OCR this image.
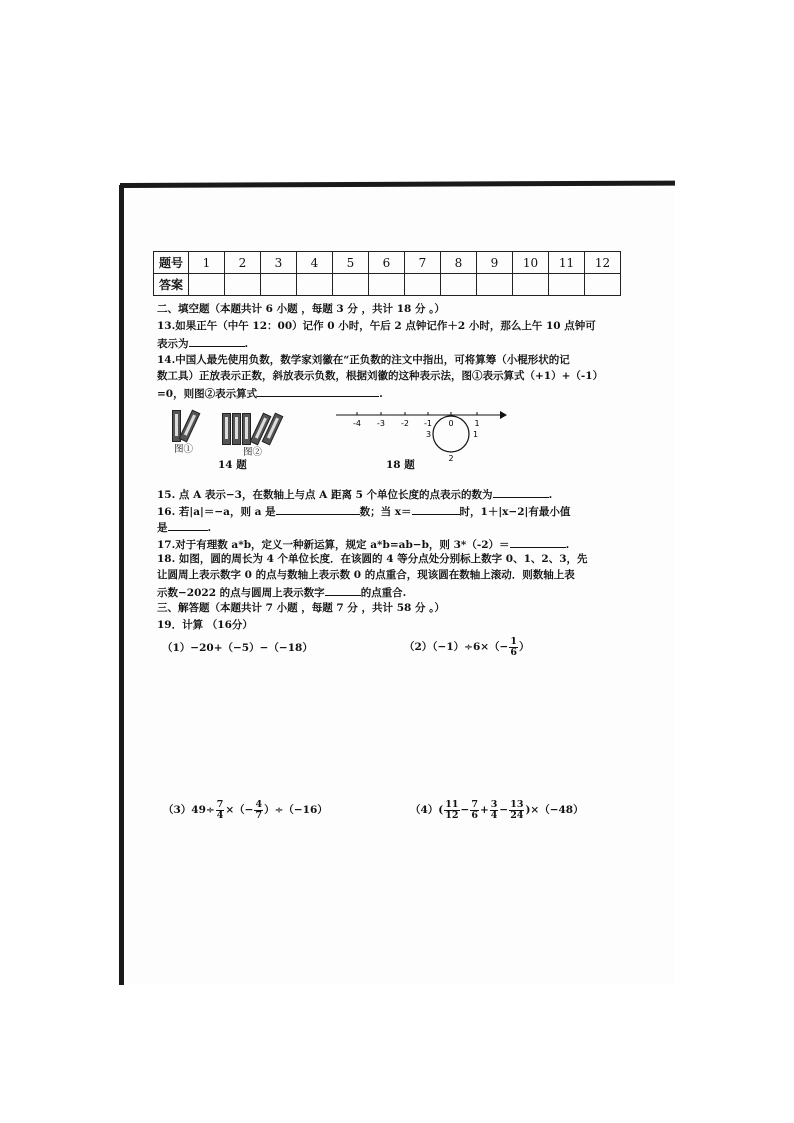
题号	1	2	3	4	5	6	7	8	9	10	11	12
答案												
二、填空题（本题共计 6 小题 ，每题 3 分 ，共计 18 分 。）
13.如果正午（中午 12：00）记作 0 小时，午后 2 点钟记作＋2 小时，那么上午 10 点钟可
表示为	.
14.中国人最先使用负数，数学家刘徽在“正负数的注文中指出，可将算筹（小棍形状的记
数工具）正放表示正数，斜放表示负数，根据刘徽的这种表示法，图①表示算式（+1）+（-1）
=0，则图②表示算式	.
图①	图②
14 题
-4 -3 -2 -1 0	1
1
2
3
18 题
15. 点 A 表示−3，在数轴上与点 A 距离 5 个单位长度的点表示的数为	.
16. 若|a|＝−a，则 a 是	数；当 x＝	时，1＋|x−2|有最小值
是	.
17.对于有理数 a*b，定义一种新运算，规定 a*b=ab−b，则 3*（-2）＝	.
18. 如图，圆的周长为 4 个单位长度．在该圆的 4 等分点处分别标上数字 0、1、2、3，先
让圆周上表示数字 0 的点与数轴上表示数 0 的点重合，现该圆在数轴上滚动．则数轴上表
示数−2022 的点与圆周上表示数字	的点重合.
三、解答题（本题共计 7 小题 ，每题 7 分 ，共计 58 分 。）
19．计算 （16分）
（1）−20+（−5）−（−18）	$(2)(-1)\div 6\times(- \frac{1}{6}$ ）
$(3)49\div \frac{7}{4}$ ×（− $\frac{4}{7} )\div(-16)$	$(4)( \frac{11}{12} - \frac{7}{6} + \frac{3}{4} - \frac{13}{24} )\times(-48)$
